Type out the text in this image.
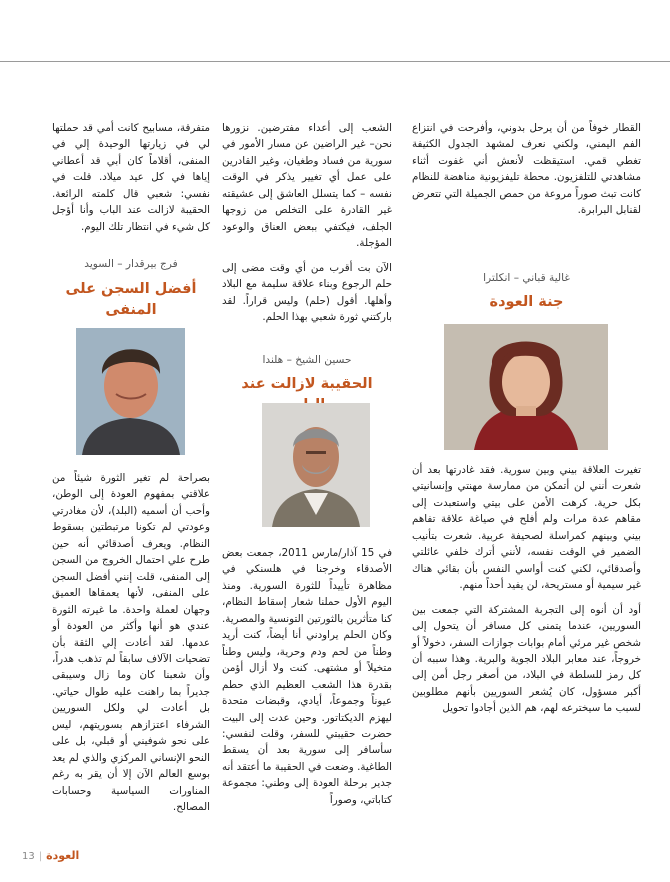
القطار خوفاً من أن يرحل بدوني، وأفرحت في انتزاع الفم اليمني، ولكني نعرف لمشهد الجدول الكثيفة تغطي قمي. استيقظت لأنعش أني غفوت أثناء مشاهدتي للتلفزيون. محطة تليفزيونية مناهضة للنظام كانت تبث صوراً مروعة من حمص الجميلة التي تتعرض لقنابل البرابرة.

غالية قباني – انكلترا
جنة العودة

تغيرت العلاقة بيني وبين سورية. فقد غادرتها بعد أن شعرت أنني لن أتمكن من ممارسة مهنتي وإنسانيتي بكل حرية. كرهت الأمن على بيتي واستعبدت إلى مقاهم عدة مرات ولم أفلح في صياغة علاقة تفاهم بيني وبينهم كمراسلة لصحيفة عربية. شعرت بتأنيب الضمير في الوقت نفسه، لأنني أترك خلفي عائلتي وأصدقائي، لكني كنت أواسي النفس بأن بقائي هناك غير سيمية أو مستريحة، لن يفيد أحداً منهم.

أود أن أنوه إلى التجربة المشتركة التي جمعت بين السوريين، عندما يتمنى كل مسافر أن يتحول إلى شخص غير مرئي أمام بوابات جوازات السفر، دخولاً أو خروجاً، عند معابر البلاد الجوية والبرية. وهذا سببه أن كل رمز للسلطة في البلاد، من أصغر رجل أمن إلى أكبر مسؤول، كان يُشعر السوريين بأنهم مطلوبين لسبب ما سيخترعه لهم، هم الذين أجادوا تحويل

الشعب إلى أعداء مفترضين. نزورها نحن– غير الراضين عن مسار الأمور في سورية من فساد وطغيان، وغير القادرين على عمل أي تغيير يذكر في الوقت نفسه – كما يتسلل العاشق إلى عشيقته غير القادرة على التخلص من زوجها الجلف، فيكتفي ببعض العناق والوعود المؤجلة.

الآن بت أقرب من أي وقت مضى إلى حلم الرجوع وبناء علاقة سليمة مع البلاد وأهلها. أقول (حلم) وليس قراراً. لقد باركتني ثورة شعبي بهذا الحلم.

حسين الشيخ – هلندا
الحقيبة لازالت عند

في 15 آذار/مارس 2011، جمعت بعض الأصدقاء وخرجنا في هلسنكي في مظاهرة تأييداً للثورة السورية. ومنذ اليوم الأول حملنا شعار إسقاط النظام، كنا متأثرين بالثورتين التونسية والمصرية. وكان الحلم يراودني أنا أيضاً، كنت أريد وطناً من لحم ودم وحرية، وليس وطناً متخيلاً أو مشتهى. كنت ولا أزال أؤمن بقدرة هذا الشعب العظيم الذي حطم عيوناً وجموعاً، أيادي، وقبضات متحدة ليهزم الديكتاتور. وحين عدت إلى البيت حضرت حقيبتي للسفر، وقلت لنفسي: سأسافر إلى سورية بعد أن يسقط الطاغية. وضعت في الحقيبة ما أعتقد أنه جدير برحلة العودة إلى وطني: مجموعة كتاباتي، وصوراً

متفرقة، مسابيح كانت أمي قد حملتها لي في زيارتها الوحيدة إلي في المنفى، أقلاماً كان أبي قد أعطاني إياها في كل عيد ميلاد. قلت في نفسي: شعبي قال كلمته الرائعة. الحقيبة لازالت عند الباب وأنا أؤجل كل شيء في انتظار تلك اليوم.

فرج بيرقدار – السويد
أفضل السجن على المنفى

بصراحة لم تغير الثورة شيئاً من علاقتي بمفهوم العودة إلى الوطن، وأحب أن أسميه (البلد)، لأن مغادرتي وعودتي لم تكونا مرتبطتين بسقوط النظام. ويعرف أصدقائي أنه حين طرح علي احتمال الخروج من السجن إلى المنفى، قلت إنني أفضل السجن على المنفى، لأنها يعمقاها العميق وجهان لعملة واحدة. ما غيرته الثورة عندي هو أنها وأكثر من العودة أو عدمها. لقد أعادت إلي الثقة بأن تضحيات الآلاف سابقاً لم تذهب هدراً، وأن شعبنا كان وما زال وسيبقى جديراً بما راهنت عليه طوال حياتي. بل أعادت لي ولكل السوريين الشرفاء اعتزازهم بسوريتهم، ليس على نحو شوفيني أو قبلي، بل على النحو الإنساني المركزي والذي لم يعد بوسع العالم الآن إلا أن يقر به رغم المناورات السياسية وحسابات المصالح.

13 | العودة
